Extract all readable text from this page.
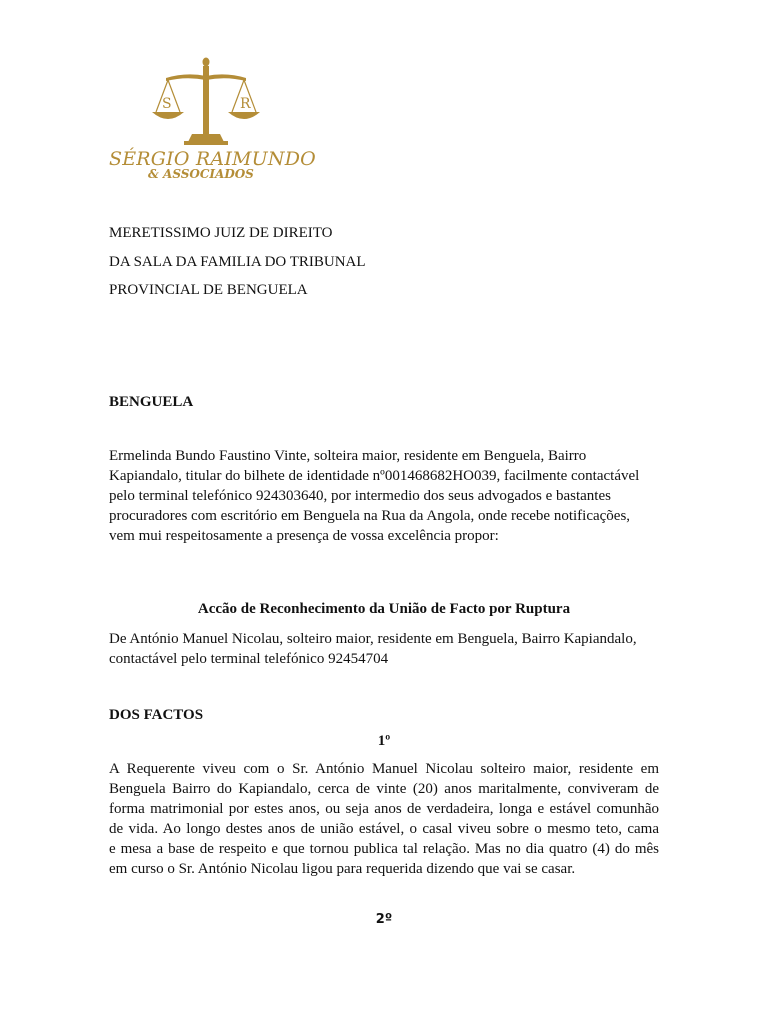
S	R
SÉRGIO RAIMUNDO
& ASSOCIADOS
MERETISSIMO JUIZ DE DIREITO
DA SALA DA FAMILIA DO TRIBUNAL
PROVINCIAL DE BENGUELA
BENGUELA
Ermelinda Bundo Faustino Vinte, solteira maior, residente em Benguela, Bairro
Kapiandalo, titular do bilhete de identidade nº001468682HO039, facilmente contactável
pelo terminal telefónico 924303640, por intermedio dos seus advogados e bastantes
procuradores com escritório em Benguela na Rua da Angola, onde recebe notificações,
vem mui respeitosamente a presença de vossa excelência propor:
Accão de Reconhecimento da União de Facto por Ruptura
De António Manuel Nicolau, solteiro maior, residente em Benguela, Bairro Kapiandalo,
contactável pelo terminal telefónico 92454704
DOS FACTOS
1º
A Requerente viveu com o Sr. António Manuel Nicolau solteiro maior, residente em
Benguela Bairro do Kapiandalo, cerca de vinte (20) anos maritalmente, conviveram de
forma matrimonial por estes anos, ou seja anos de verdadeira, longa e estável comunhão
de vida. Ao longo destes anos de união estável, o casal viveu sobre o mesmo teto, cama
e mesa a base de respeito e que tornou publica tal relação. Mas no dia quatro (4) do mês
em curso o Sr. António Nicolau ligou para requerida dizendo que vai se casar.
2º
